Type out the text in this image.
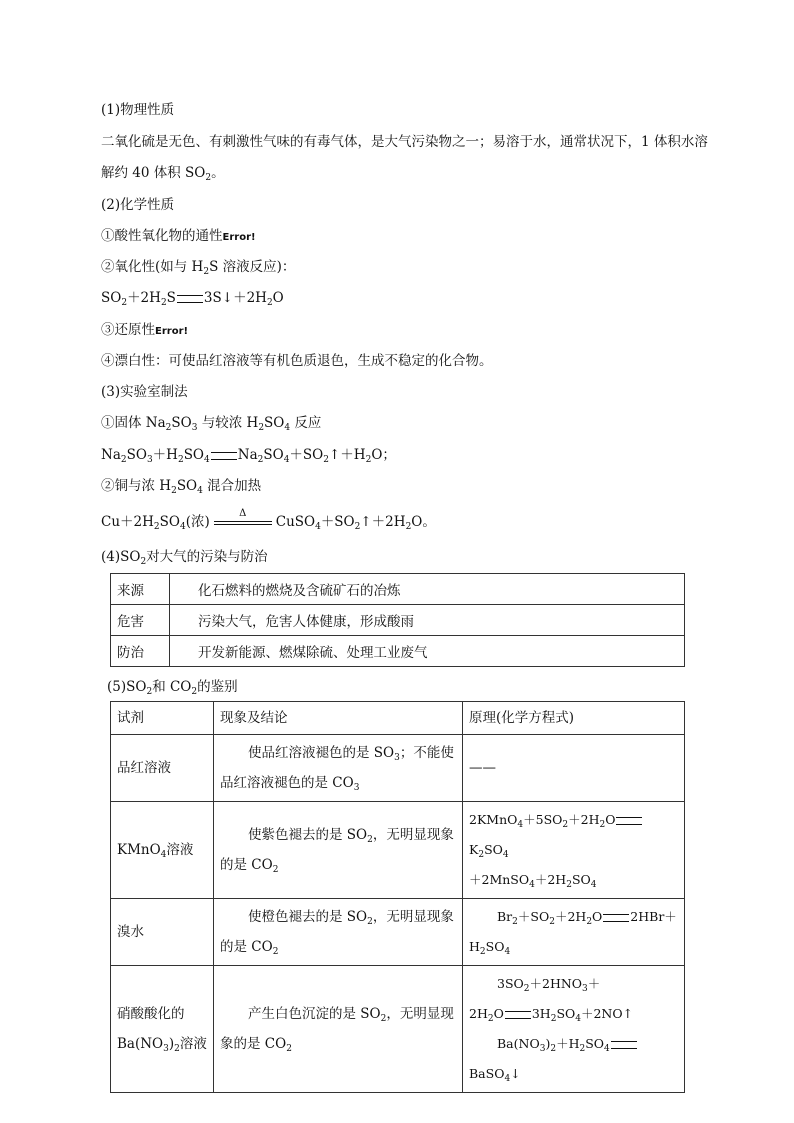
(1)物理性质
二氧化硫是无色、有刺激性气味的有毒气体，是大气污染物之一；易溶于水，通常状况下，1 体积水溶
解约 40 体积 $SO_2$。
(2)化学性质
①酸性氧化物的通性Error!
②氧化性(如与 $H_2S$ 溶液反应)：
$SO_2+2H_2S$ $3S↓+2H_2O$
③还原性Error!
④漂白性：可使品红溶液等有机色质退色，生成不稳定的化合物。
(3)实验室制法
①固体 $Na_2SO_3$ 与较浓 $H_2SO_4$ 反应
$Na_2SO_3+H_2SO_4$ $Na_2SO_4+SO_2↑+H_2O$；
②铜与浓 $H_2SO_4$ 混合加热
$Cu+2H_2SO_4$(浓)
Δ
$CuSO_4+SO_2↑+2H_2O$。
$(4)SO_2$对大气的污染与防治
来源	化石燃料的燃烧及含硫矿石的冶炼
危害	污染大气，危害人体健康，形成酸雨
防治	开发新能源、燃煤除硫、处理工业废气
$(5)SO_2$和 $CO_2$的鉴别
试剂	现象及结论	原理(化学方程式)
品红溶液	使品红溶液褪色的是 $SO_3$；不能使
品红溶液褪色的是 $CO_3$	——
KMnO$_4$溶液	使紫色褪去的是 $SO_2$，无明显现象
的是 $CO_2$	$2KMnO_4+5SO_2+2H_2OK_2SO_4$
$+2MnSO_4+2H_2SO_4$
溴水	使橙色褪去的是 $SO_2$，无明显现象
的是 $CO_2$	$Br_2+SO_2+2H_2O$ 2HBr＋
$H_2SO_4$
硝酸酸化的
$Ba(NO_3)_2$溶液	产生白色沉淀的是 $SO_2$，无明显现
象的是 $CO_2$	$3SO_2+2HNO_3+$
$2H_2O$ $3H_2SO_4+2NO↑$
$Ba(NO_3)_2+H_2SO_4BaSO_4↓$
